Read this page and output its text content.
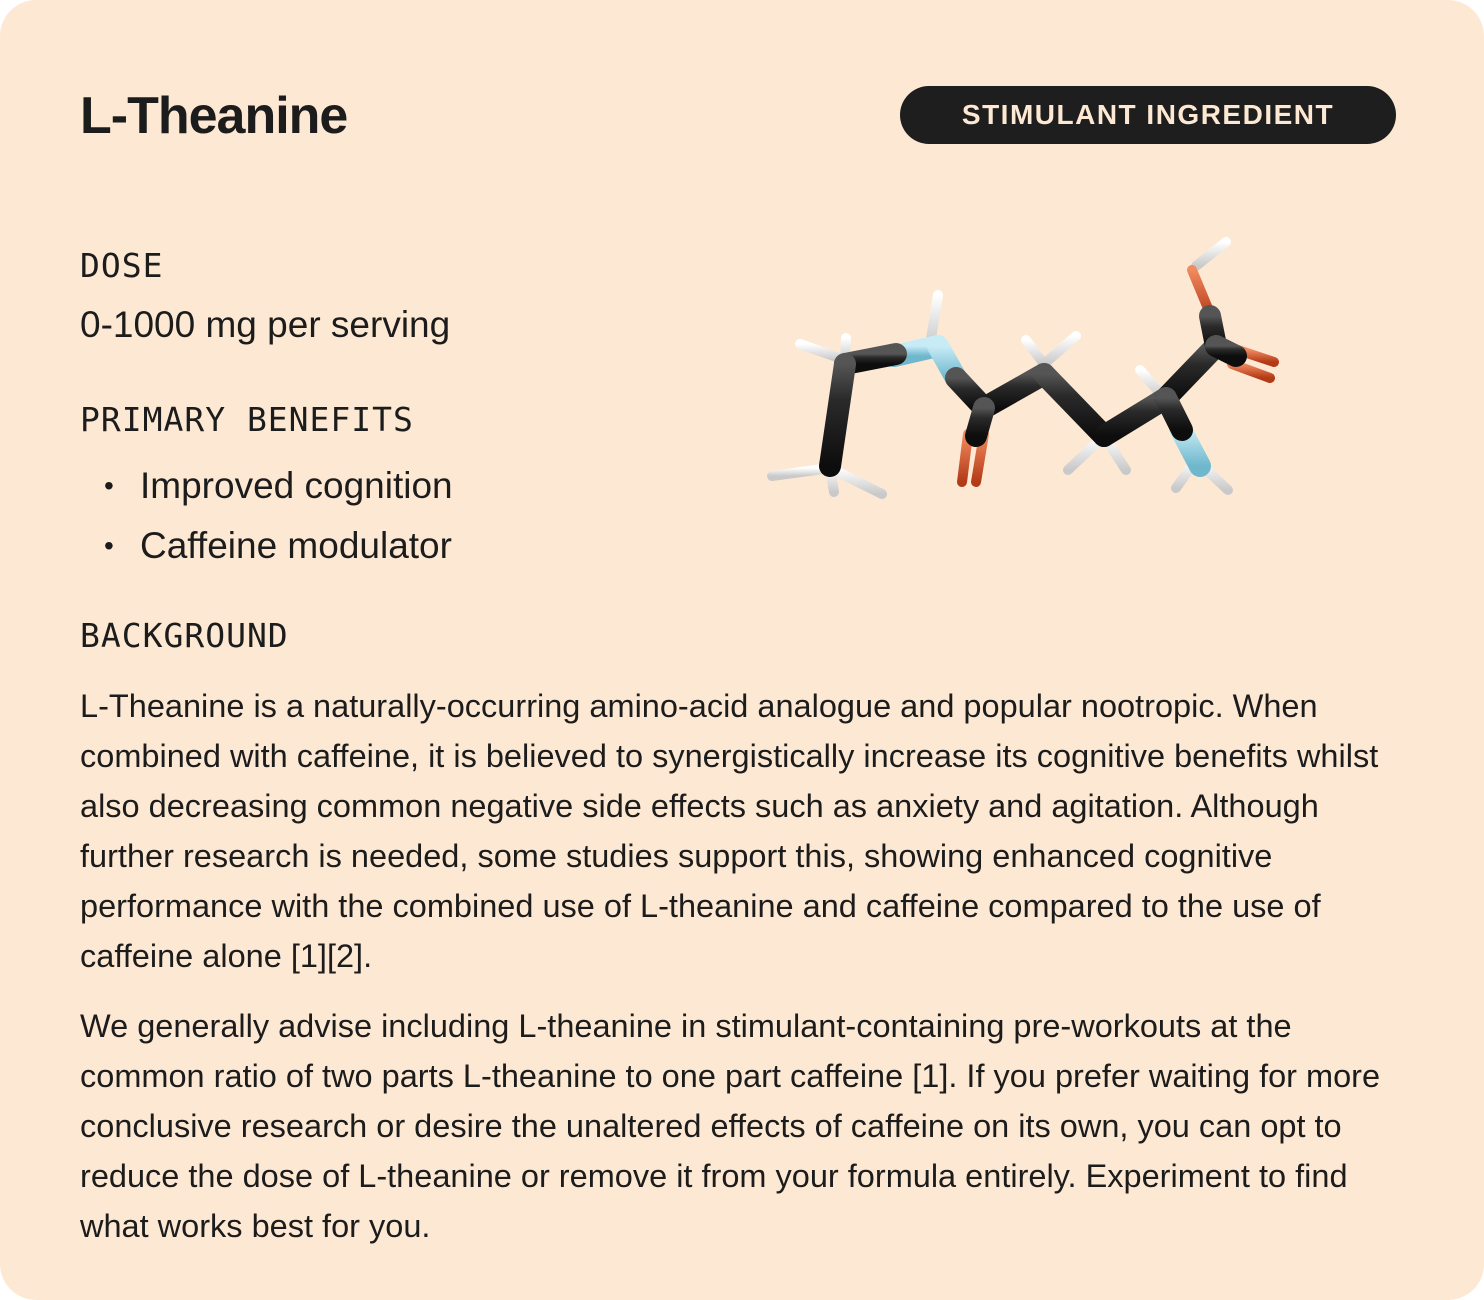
L-Theanine	STIMULANT INGREDIENT
DOSE
0-1000 mg per serving
PRIMARY BENEFITS
• Improved cognition
• Caffeine modulator
BACKGROUND

L-Theanine is a naturally-occurring amino-acid analogue and popular nootropic. When combined with caffeine, it is believed to synergistically increase its cognitive benefits whilst also decreasing common negative side effects such as anxiety and agitation. Although further research is needed, some studies support this, showing enhanced cognitive performance with the combined use of L-theanine and caffeine compared to the use of caffeine alone [1][2].

We generally advise including L-theanine in stimulant-containing pre-workouts at the common ratio of two parts L-theanine to one part caffeine [1]. If you prefer waiting for more conclusive research or desire the unaltered effects of caffeine on its own, you can opt to reduce the dose of L-theanine or remove it from your formula entirely. Experiment to find what works best for you.
